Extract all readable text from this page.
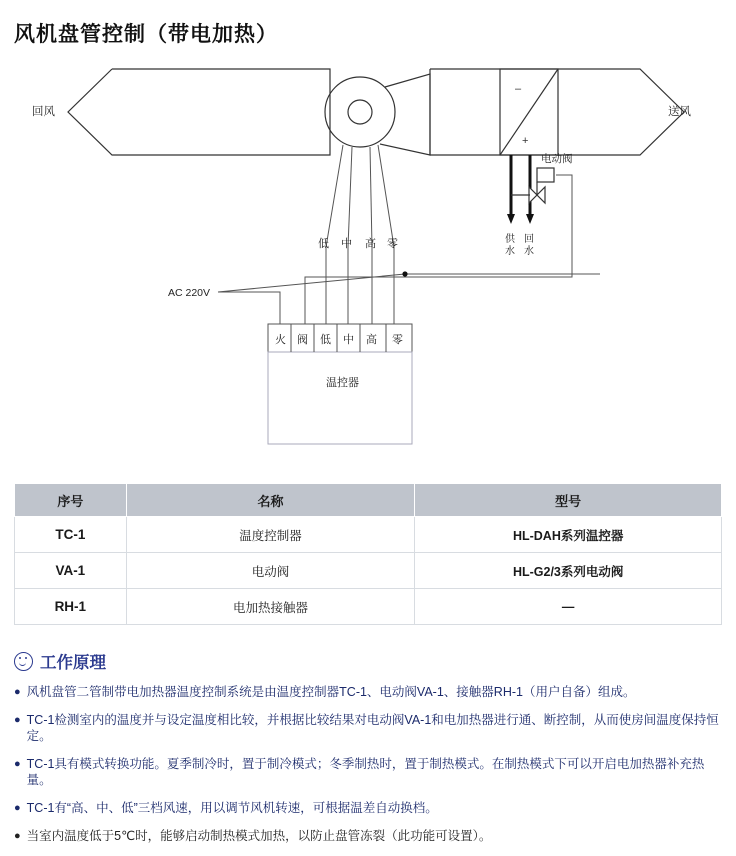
风机盘管控制（带电加热）
–
+
回风	送风
供
水
回
水
电动阀
低 中 高 零
AC 220V
火 阀 低 中 高 零
温控器
序号	名称	型号
TC-1	温度控制器	HL-DAH系列温控器
VA-1	电动阀	HL-G2/3系列电动阀
RH-1	电加热接触器	—
工作原理
● 风机盘管二管制带电加热器温度控制系统是由温度控制器TC-1、电动阀VA-1、接触器RH-1（用户自备）组成。
● TC-1检测室内的温度并与设定温度相比较，并根据比较结果对电动阀VA-1和电加热器进行通、断控制，从而使房间温度保持恒定。
● TC-1具有模式转换功能。夏季制冷时，置于制冷模式；冬季制热时，置于制热模式。在制热模式下可以开启电加热器补充热量。
● TC-1有“高、中、低”三档风速，用以调节风机转速，可根据温差自动换档。
● 当室内温度低于5℃时，能够启动制热模式加热，以防止盘管冻裂（此功能可设置）。
